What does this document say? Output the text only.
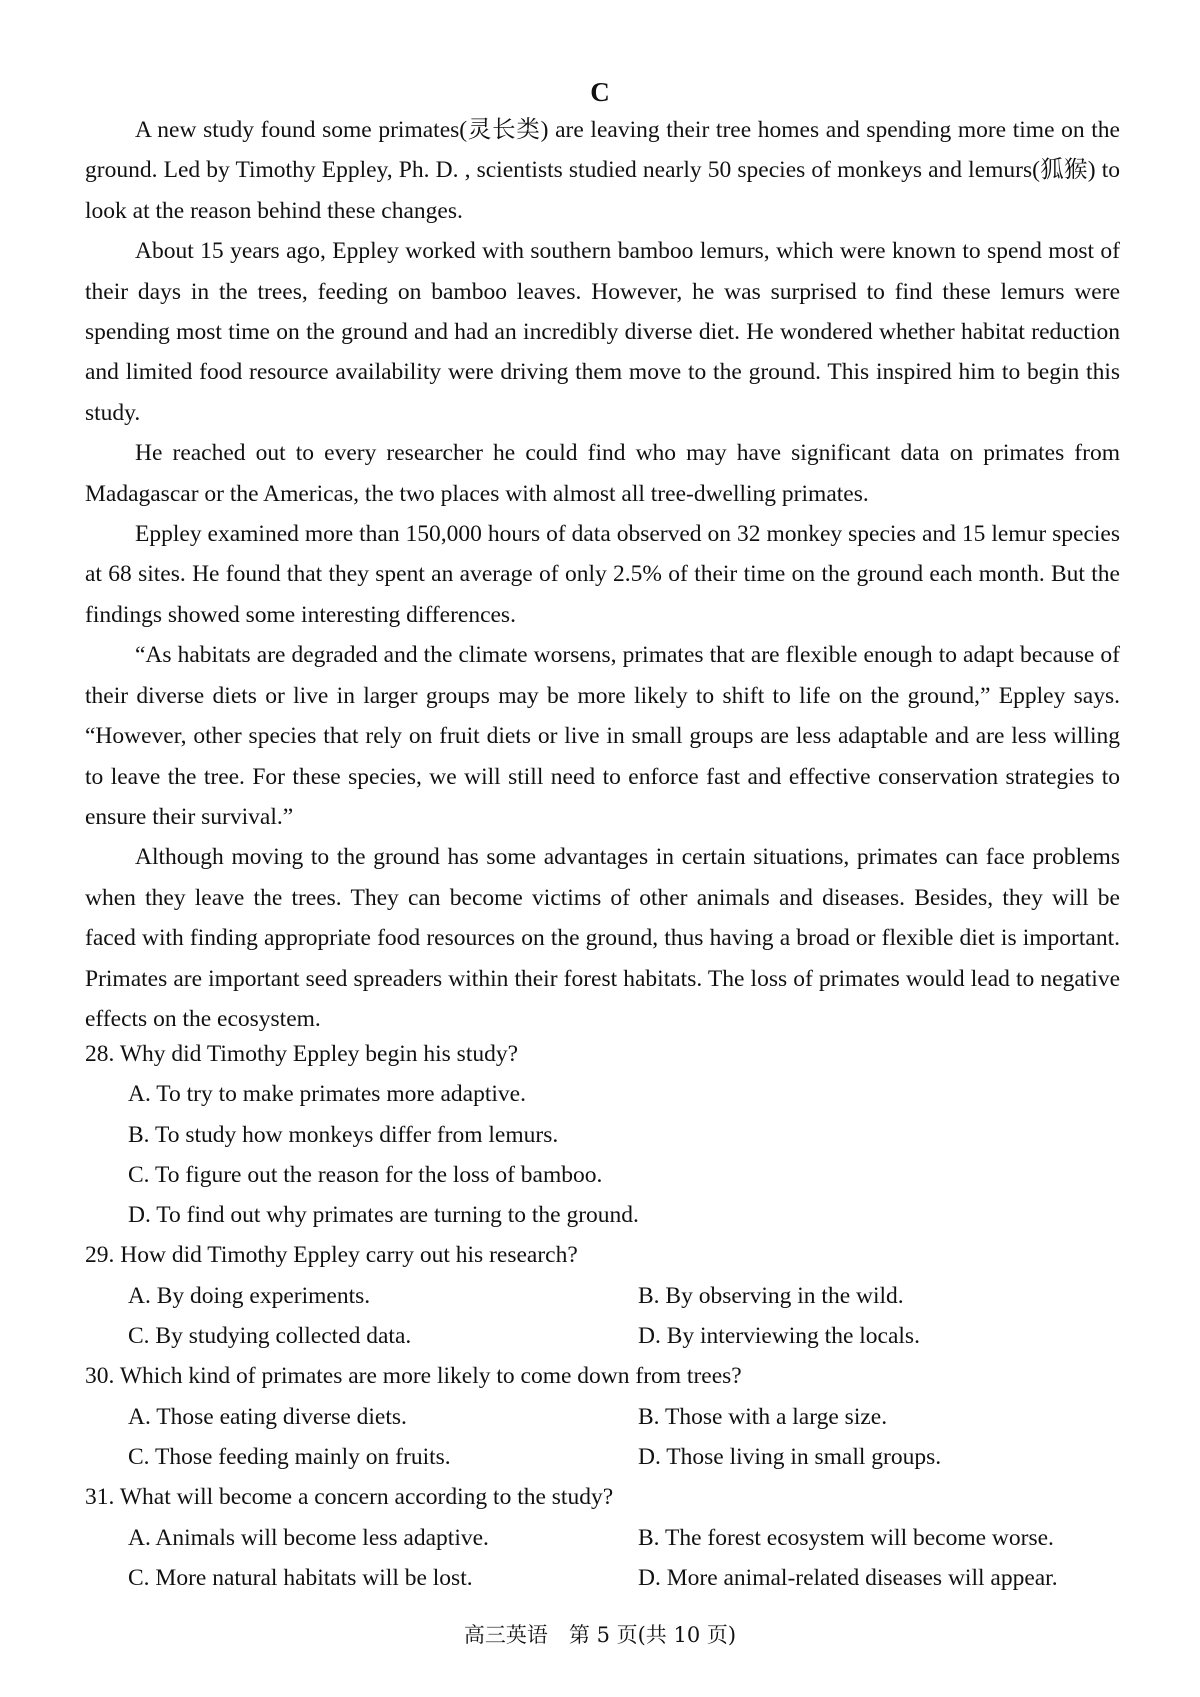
C

A new study found some primates(灵长类) are leaving their tree homes and spending more time on the ground. Led by Timothy Eppley, Ph. D. , scientists studied nearly 50 species of monkeys and lemurs(狐猴) to look at the reason behind these changes.

About 15 years ago, Eppley worked with southern bamboo lemurs, which were known to spend most of their days in the trees, feeding on bamboo leaves. However, he was surprised to find these lemurs were spending most time on the ground and had an incredibly diverse diet. He wondered whether habitat reduction and limited food resource availability were driving them move to the ground. This inspired him to begin this study.

He reached out to every researcher he could find who may have significant data on primates from Madagascar or the Americas, the two places with almost all tree-dwelling primates.

Eppley examined more than 150,000 hours of data observed on 32 monkey species and 15 lemur species at 68 sites. He found that they spent an average of only 2.5% of their time on the ground each month. But the findings showed some interesting differences.

“As habitats are degraded and the climate worsens, primates that are flexible enough to adapt because of their diverse diets or live in larger groups may be more likely to shift to life on the ground,” Eppley says. “However, other species that rely on fruit diets or live in small groups are less adaptable and are less willing to leave the tree. For these species, we will still need to enforce fast and effective conservation strategies to ensure their survival.”

Although moving to the ground has some advantages in certain situations, primates can face problems when they leave the trees. They can become victims of other animals and diseases. Besides, they will be faced with finding appropriate food resources on the ground, thus having a broad or flexible diet is important. Primates are important seed spreaders within their forest habitats. The loss of primates would lead to negative effects on the ecosystem.

28. Why did Timothy Eppley begin his study?
A. To try to make primates more adaptive.
B. To study how monkeys differ from lemurs.
C. To figure out the reason for the loss of bamboo.
D. To find out why primates are turning to the ground.
29. How did Timothy Eppley carry out his research?
A. By doing experiments.	B. By observing in the wild.
C. By studying collected data.	D. By interviewing the locals.
30. Which kind of primates are more likely to come down from trees?
A. Those eating diverse diets.	B. Those with a large size.
C. Those feeding mainly on fruits.	D. Those living in small groups.
31. What will become a concern according to the study?
A. Animals will become less adaptive.	B. The forest ecosystem will become worse.
C. More natural habitats will be lost.	D. More animal-related diseases will appear.
高三英语　第 5 页(共 10 页)
